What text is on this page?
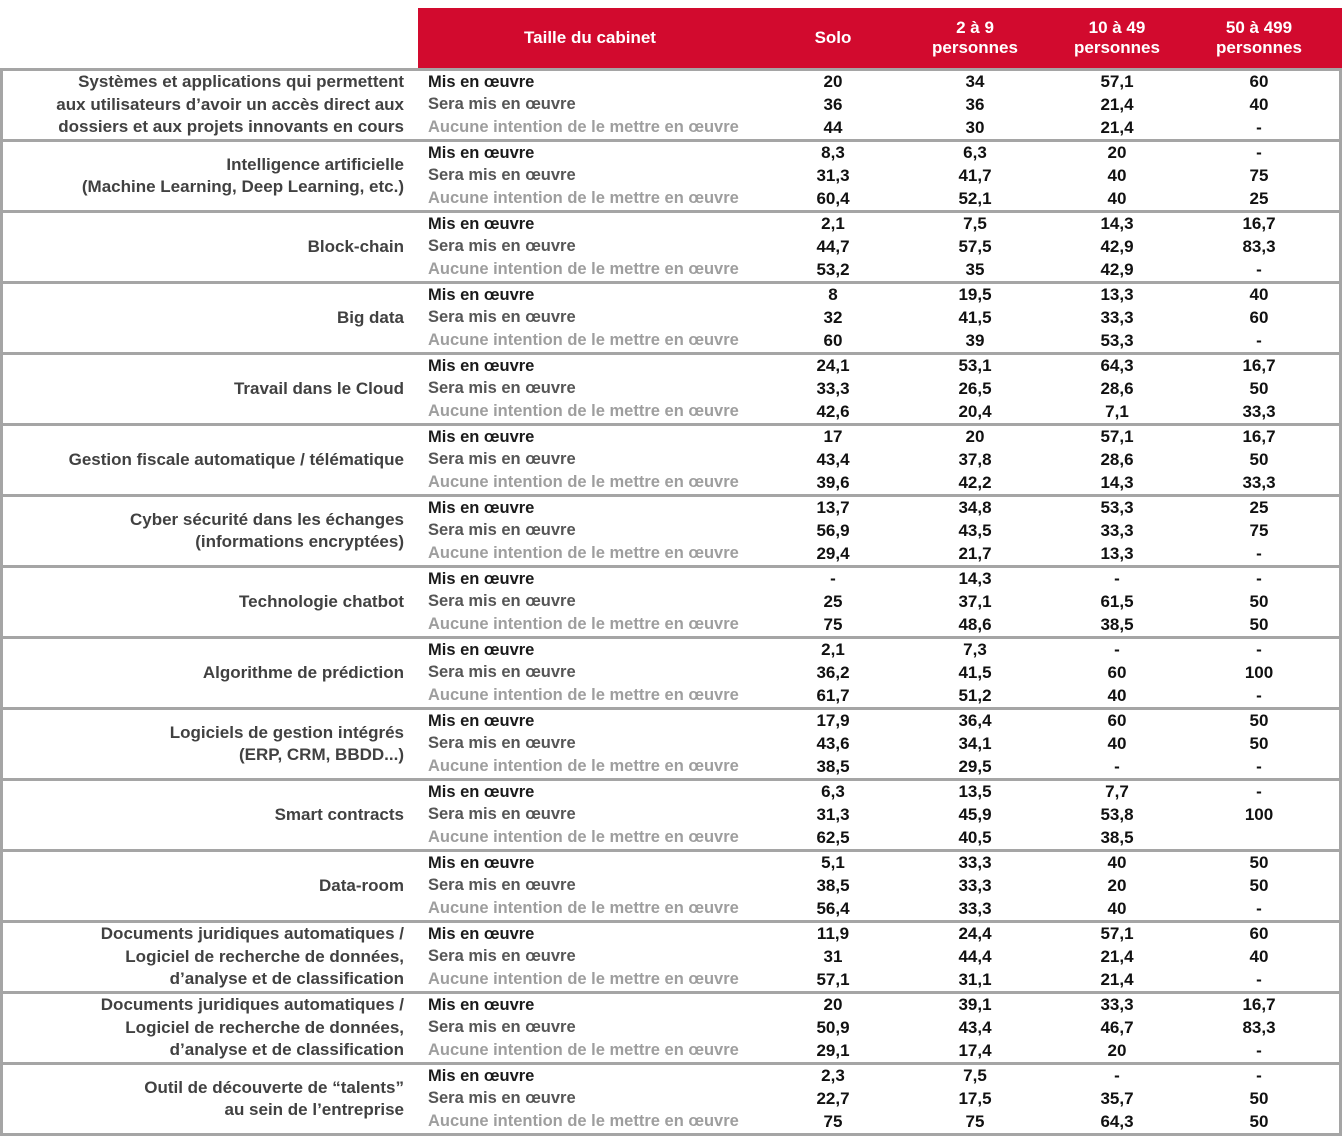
Taille du cabinet	Solo
2 à 9
personnes
10 à 49
personnes
50 à 499
personnes
Systèmes et applications qui permettent
aux utilisateurs d’avoir un accès direct aux
dossiers et aux projets innovants en cours
Mis en œuvre	20	34	57,1	60
Sera mis en œuvre	36	36	21,4	40
Aucune intention de le mettre en œuvre	44	30	21,4	-
Intelligence artificielle
(Machine Learning, Deep Learning, etc.)
Mis en œuvre	8,3	6,3	20	-
Sera mis en œuvre	31,3	41,7	40	75
Aucune intention de le mettre en œuvre	60,4	52,1	40	25
Block-chain
Mis en œuvre	2,1	7,5	14,3	16,7
Sera mis en œuvre	44,7	57,5	42,9	83,3
Aucune intention de le mettre en œuvre	53,2	35	42,9	-
Big data
Mis en œuvre	8	19,5	13,3	40
Sera mis en œuvre	32	41,5	33,3	60
Aucune intention de le mettre en œuvre	60	39	53,3	-
Travail dans le Cloud
Mis en œuvre	24,1	53,1	64,3	16,7
Sera mis en œuvre	33,3	26,5	28,6	50
Aucune intention de le mettre en œuvre	42,6	20,4	7,1	33,3
Gestion fiscale automatique / télématique
Mis en œuvre	17	20	57,1	16,7
Sera mis en œuvre	43,4	37,8	28,6	50
Aucune intention de le mettre en œuvre	39,6	42,2	14,3	33,3
Cyber sécurité dans les échanges
(informations encryptées)
Mis en œuvre	13,7	34,8	53,3	25
Sera mis en œuvre	56,9	43,5	33,3	75
Aucune intention de le mettre en œuvre	29,4	21,7	13,3	-
Technologie chatbot
Mis en œuvre	-	14,3	-	-
Sera mis en œuvre	25	37,1	61,5	50
Aucune intention de le mettre en œuvre	75	48,6	38,5	50
Algorithme de prédiction
Mis en œuvre	2,1	7,3	-	-
Sera mis en œuvre	36,2	41,5	60	100
Aucune intention de le mettre en œuvre	61,7	51,2	40	-
Logiciels de gestion intégrés
(ERP, CRM, BBDD...)
Mis en œuvre	17,9	36,4	60	50
Sera mis en œuvre	43,6	34,1	40	50
Aucune intention de le mettre en œuvre	38,5	29,5	-	-
Smart contracts
Mis en œuvre	6,3	13,5	7,7	-
Sera mis en œuvre	31,3	45,9	53,8	100
Aucune intention de le mettre en œuvre	62,5	40,5	38,5
Data-room
Mis en œuvre	5,1	33,3	40	50
Sera mis en œuvre	38,5	33,3	20	50
Aucune intention de le mettre en œuvre	56,4	33,3	40	-
Documents juridiques automatiques /
Logiciel de recherche de données,
d’analyse et de classification
Mis en œuvre	11,9	24,4	57,1	60
Sera mis en œuvre	31	44,4	21,4	40
Aucune intention de le mettre en œuvre	57,1	31,1	21,4	-
Documents juridiques automatiques /
Logiciel de recherche de données,
d’analyse et de classification
Mis en œuvre	20	39,1	33,3	16,7
Sera mis en œuvre	50,9	43,4	46,7	83,3
Aucune intention de le mettre en œuvre	29,1	17,4	20	-
Outil de découverte de “talents”
au sein de l’entreprise
Mis en œuvre	2,3	7,5	-	-
Sera mis en œuvre	22,7	17,5	35,7	50
Aucune intention de le mettre en œuvre	75	75	64,3	50
